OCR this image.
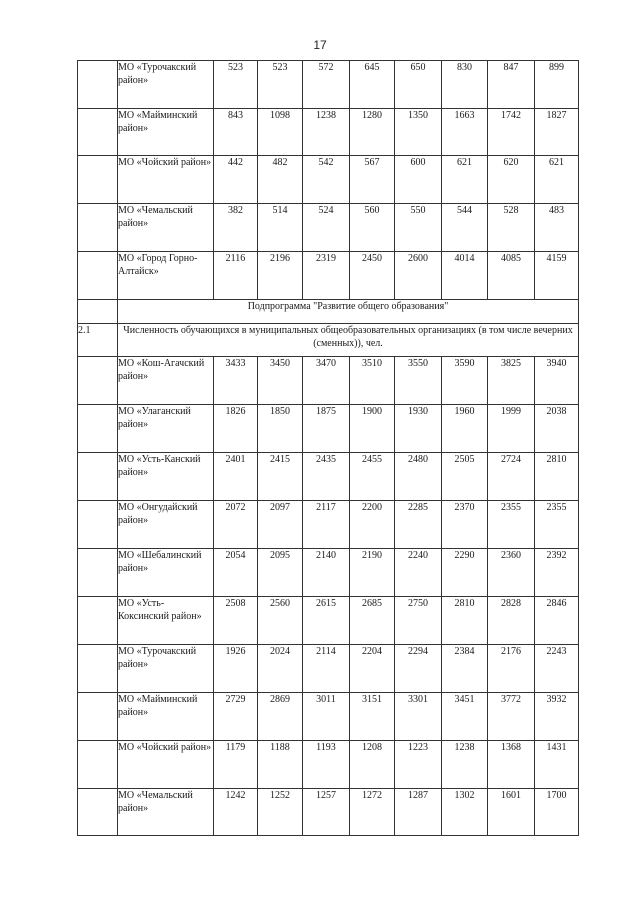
17
	МО «Турочакский район»	523	523	572	645	650	830	847	899
	МО «Майминский район»	843	1098	1238	1280	1350	1663	1742	1827
	МО «Чойский район»	442	482	542	567	600	621	620	621
	МО «Чемальский район»	382	514	524	560	550	544	528	483
	МО «Город Горно-Алтайск»	2116	2196	2319	2450	2600	4014	4085	4159
	Подпрограмма "Развитие общего образования"								
2.1	Численность обучающихся в муниципальных общеобразовательных организациях (в том числе вечерних (сменных)), чел.								
	МО «Кош-Агачский район»	3433	3450	3470	3510	3550	3590	3825	3940
	МО «Улаганский район»	1826	1850	1875	1900	1930	1960	1999	2038
	МО «Усть-Канский район»	2401	2415	2435	2455	2480	2505	2724	2810
	МО «Онгудайский район»	2072	2097	2117	2200	2285	2370	2355	2355
	МО «Шебалинский район»	2054	2095	2140	2190	2240	2290	2360	2392
	МО «Усть-Коксинский район»	2508	2560	2615	2685	2750	2810	2828	2846
	МО «Турочакский район»	1926	2024	2114	2204	2294	2384	2176	2243
	МО «Майминский район»	2729	2869	3011	3151	3301	3451	3772	3932
	МО «Чойский район»	1179	1188	1193	1208	1223	1238	1368	1431
	МО «Чемальский район»	1242	1252	1257	1272	1287	1302	1601	1700
